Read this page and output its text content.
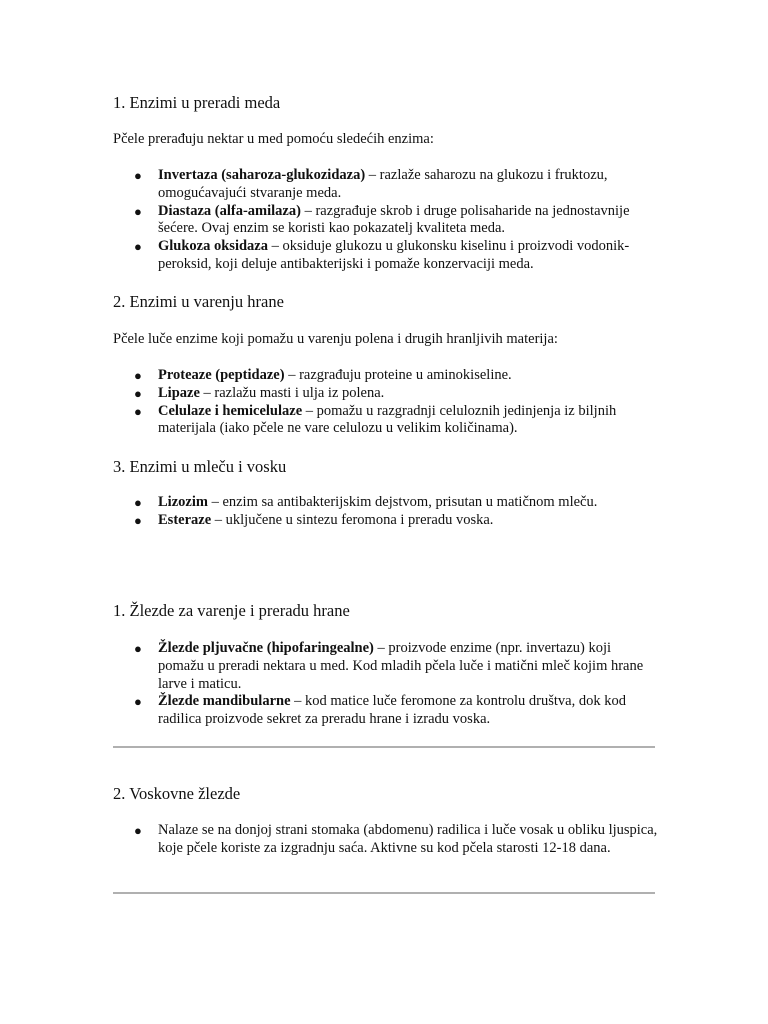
1. Enzimi u preradi meda

Pčele prerađuju nektar u med pomoću sledećih enzima:

● Invertaza (saharoza-glukozidaza) – razlaže saharozu na glukozu i fruktozu, omogućavajući stvaranje meda.
● Diastaza (alfa-amilaza) – razgrađuje skrob i druge polisaharide na jednostavnije šećere. Ovaj enzim se koristi kao pokazatelj kvaliteta meda.
● Glukoza oksidaza – oksiduje glukozu u glukonsku kiselinu i proizvodi vodonik-peroksid, koji deluje antibakterijski i pomaže konzervaciji meda.
2. Enzimi u varenju hrane

Pčele luče enzime koji pomažu u varenju polena i drugih hranljivih materija:

● Proteaze (peptidaze) – razgrađuju proteine u aminokiseline.
● Lipaze – razlažu masti i ulja iz polena.
● Celulaze i hemicelulaze – pomažu u razgradnji celuloznih jedinjenja iz biljnih materijala (iako pčele ne vare celulozu u velikim količinama).
3. Enzimi u mleču i vosku
● Lizozim – enzim sa antibakterijskim dejstvom, prisutan u matičnom mleču.
● Esteraze – uključene u sintezu feromona i preradu voska.
1. Žlezde za varenje i preradu hrane
● Žlezde pljuvačne (hipofaringealne) – proizvode enzime (npr. invertazu) koji pomažu u preradi nektara u med. Kod mladih pčela luče i matični mleč kojim hrane larve i maticu.
● Žlezde mandibularne – kod matice luče feromone za kontrolu društva, dok kod radilica proizvode sekret za preradu hrane i izradu voska.
2. Voskovne žlezde
● Nalaze se na donjoj strani stomaka (abdomenu) radilica i luče vosak u obliku ljuspica, koje pčele koriste za izgradnju saća. Aktivne su kod pčela starosti 12-18 dana.
